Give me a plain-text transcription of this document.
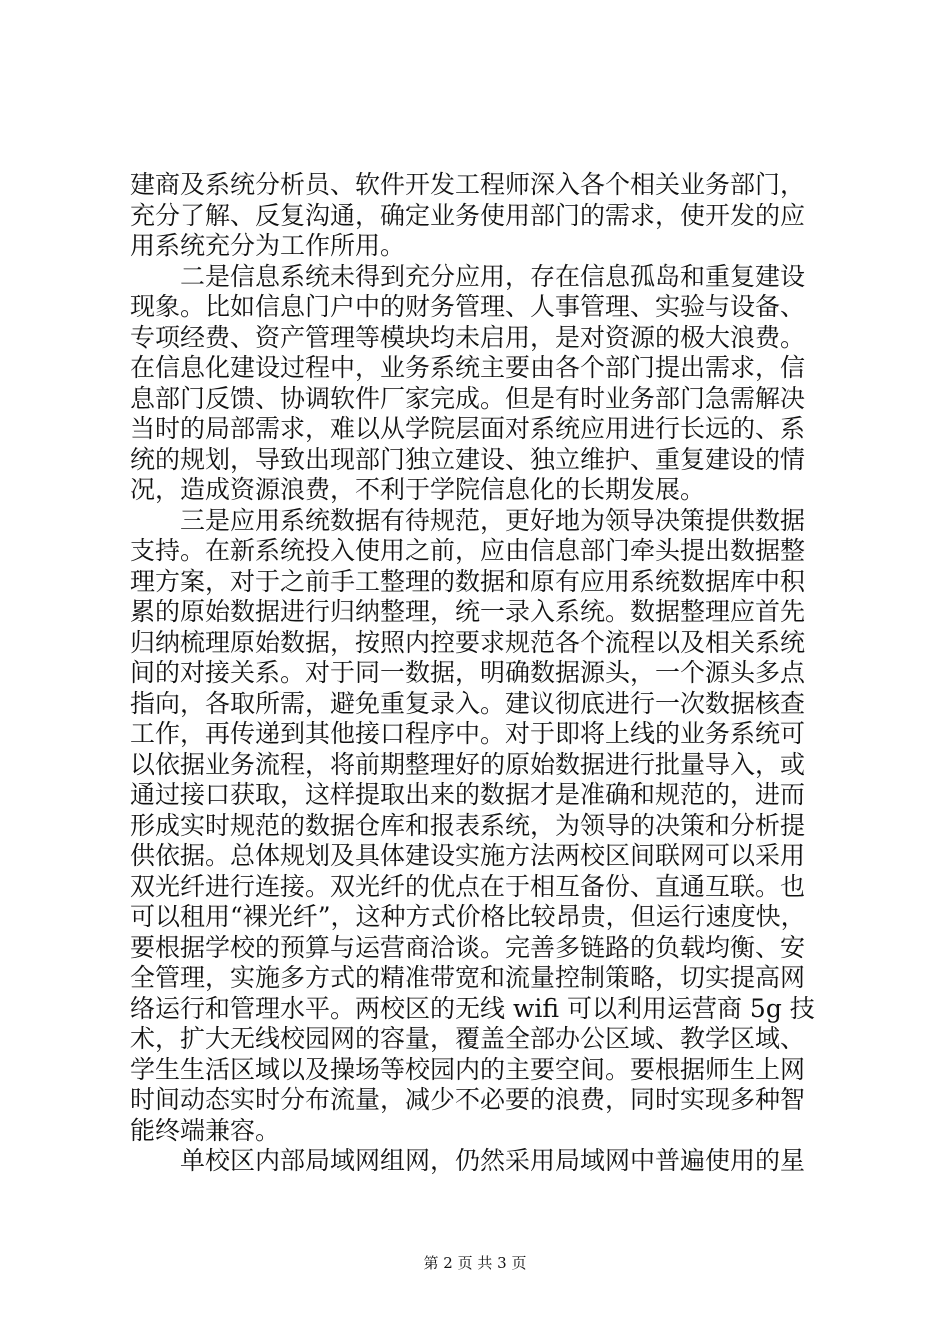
建商及系统分析员、软件开发工程师深入各个相关业务部门，
充分了解、反复沟通，确定业务使用部门的需求，使开发的应
用系统充分为工作所用。
　　二是信息系统未得到充分应用，存在信息孤岛和重复建设
现象。比如信息门户中的财务管理、人事管理、实验与设备、
专项经费、资产管理等模块均未启用，是对资源的极大浪费。
在信息化建设过程中，业务系统主要由各个部门提出需求，信
息部门反馈、协调软件厂家完成。但是有时业务部门急需解决
当时的局部需求，难以从学院层面对系统应用进行长远的、系
统的规划，导致出现部门独立建设、独立维护、重复建设的情
况，造成资源浪费，不利于学院信息化的长期发展。
　　三是应用系统数据有待规范，更好地为领导决策提供数据
支持。在新系统投入使用之前，应由信息部门牵头提出数据整
理方案，对于之前手工整理的数据和原有应用系统数据库中积
累的原始数据进行归纳整理，统一录入系统。数据整理应首先
归纳梳理原始数据，按照内控要求规范各个流程以及相关系统
间的对接关系。对于同一数据，明确数据源头，一个源头多点
指向，各取所需，避免重复录入。建议彻底进行一次数据核查
工作，再传递到其他接口程序中。对于即将上线的业务系统可
以依据业务流程，将前期整理好的原始数据进行批量导入，或
通过接口获取，这样提取出来的数据才是准确和规范的，进而
形成实时规范的数据仓库和报表系统，为领导的决策和分析提
供依据。总体规划及具体建设实施方法两校区间联网可以采用
双光纤进行连接。双光纤的优点在于相互备份、直通互联。也
可以租用“裸光纤”，这种方式价格比较昂贵，但运行速度快，
要根据学校的预算与运营商洽谈。完善多链路的负载均衡、安
全管理，实施多方式的精准带宽和流量控制策略，切实提高网
络运行和管理水平。两校区的无线 wifi 可以利用运营商 5g 技
术，扩大无线校园网的容量，覆盖全部办公区域、教学区域、
学生生活区域以及操场等校园内的主要空间。要根据师生上网
时间动态实时分布流量，减少不必要的浪费，同时实现多种智
能终端兼容。
　　单校区内部局域网组网，仍然采用局域网中普遍使用的星
第 2 页 共 3 页
